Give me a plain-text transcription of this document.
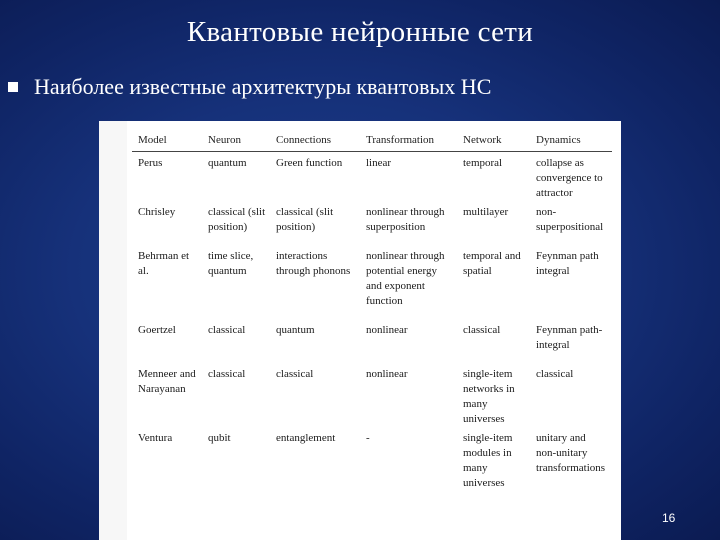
Квантовые нейронные сети
Наиболее известные архитектуры квантовых НС
Model	Neuron	Connections	Transformation	Network	Dynamics
Perus	quantum	Green function	linear	temporal	collapse as convergence to attractor
Chrisley	classical (slit position)	classical (slit position)	nonlinear through superposition	multilayer	non-superpositional
Behrman et al.	time slice, quantum	interactions through phonons	nonlinear through potential energy and exponent function	temporal and spatial	Feynman path integral
Goertzel	classical	quantum	nonlinear	classical	Feynman path-integral
Menneer and Narayanan	classical	classical	nonlinear	single-item networks in many universes	classical
Ventura	qubit	entanglement	-	single-item modules in many universes	unitary and non-unitary transformations
16
